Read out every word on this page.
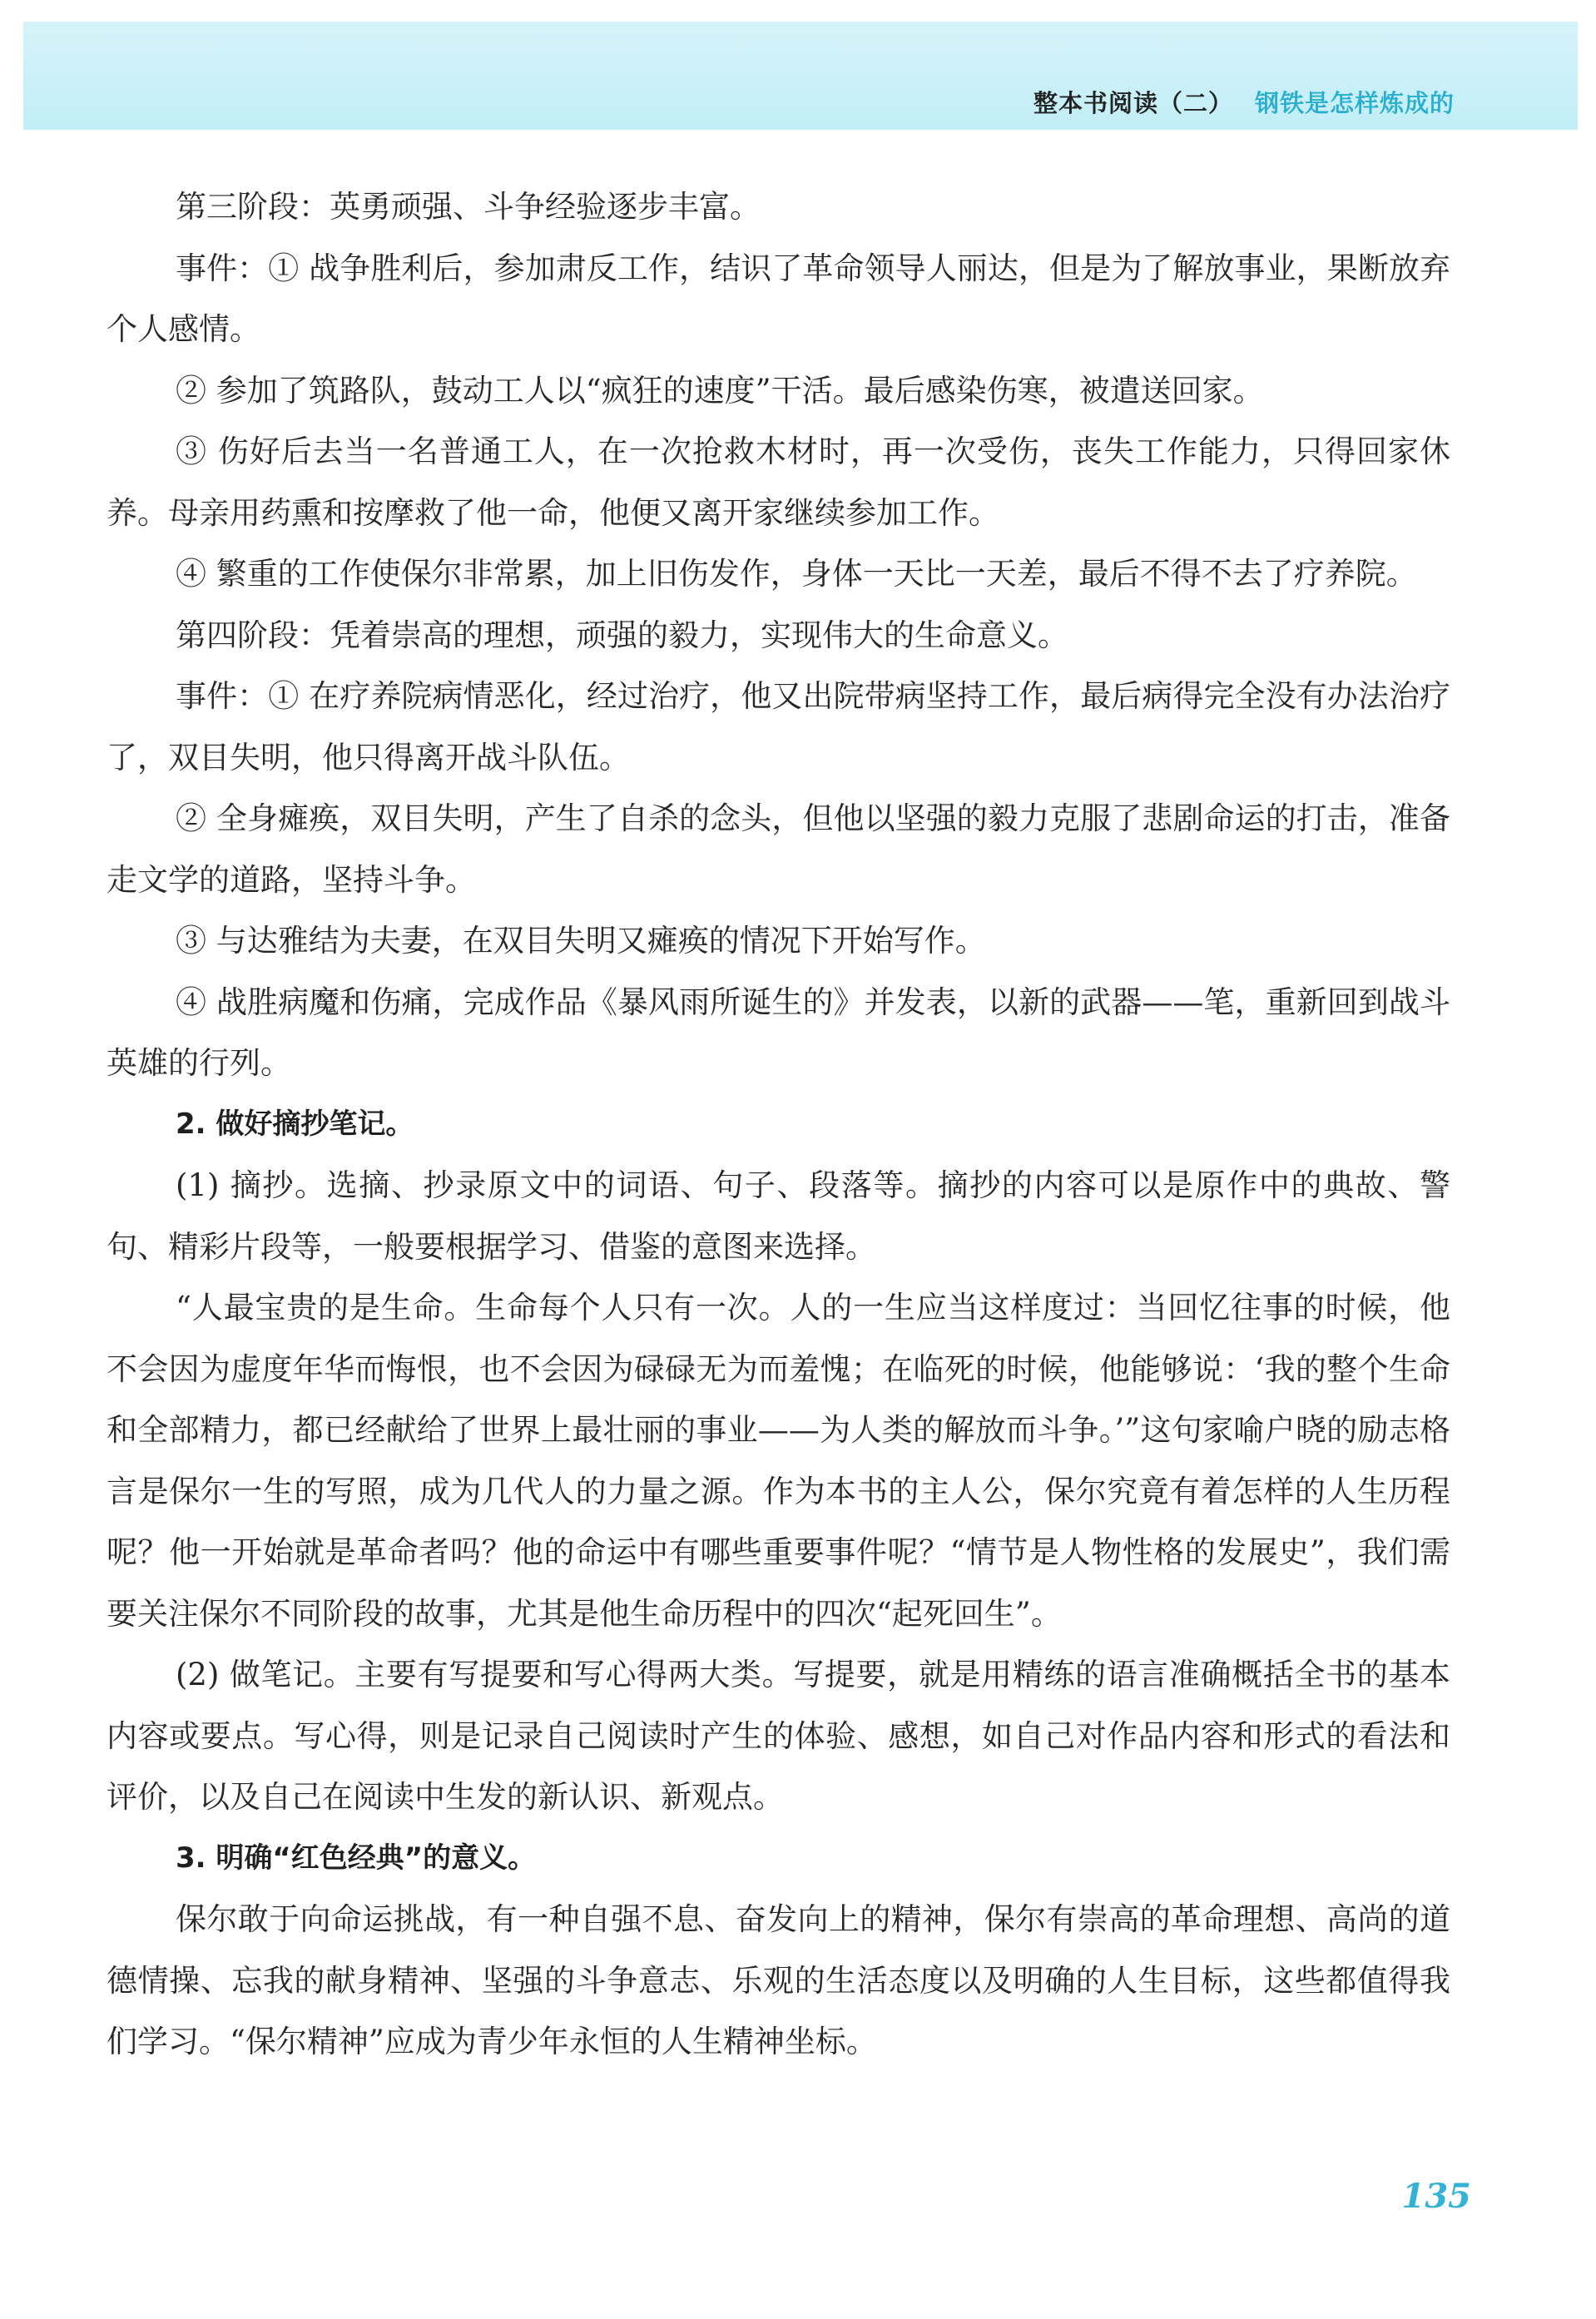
整本书阅读（二） 钢铁是怎样炼成的

第三阶段：英勇顽强、斗争经验逐步丰富。

事件：① 战争胜利后，参加肃反工作，结识了革命领导人丽达，但是为了解放事业，果断放弃个人感情。

② 参加了筑路队，鼓动工人以“疯狂的速度”干活。最后感染伤寒，被遣送回家。

③ 伤好后去当一名普通工人，在一次抢救木材时，再一次受伤，丧失工作能力，只得回家休养。母亲用药熏和按摩救了他一命，他便又离开家继续参加工作。

④ 繁重的工作使保尔非常累，加上旧伤发作，身体一天比一天差，最后不得不去了疗养院。

第四阶段：凭着崇高的理想，顽强的毅力，实现伟大的生命意义。

事件：① 在疗养院病情恶化，经过治疗，他又出院带病坚持工作，最后病得完全没有办法治疗了，双目失明，他只得离开战斗队伍。

② 全身瘫痪，双目失明，产生了自杀的念头，但他以坚强的毅力克服了悲剧命运的打击，准备走文学的道路，坚持斗争。

③ 与达雅结为夫妻，在双目失明又瘫痪的情况下开始写作。

④ 战胜病魔和伤痛，完成作品《暴风雨所诞生的》并发表，以新的武器——笔，重新回到战斗英雄的行列。

2. 做好摘抄笔记。

(1) 摘抄。选摘、抄录原文中的词语、句子、段落等。摘抄的内容可以是原作中的典故、警句、精彩片段等，一般要根据学习、借鉴的意图来选择。

“人最宝贵的是生命。生命每个人只有一次。人的一生应当这样度过：当回忆往事的时候，他不会因为虚度年华而悔恨，也不会因为碌碌无为而羞愧；在临死的时候，他能够说：‘我的整个生命和全部精力，都已经献给了世界上最壮丽的事业——为人类的解放而斗争。’”这句家喻户晓的励志格言是保尔一生的写照，成为几代人的力量之源。作为本书的主人公，保尔究竟有着怎样的人生历程呢？他一开始就是革命者吗？他的命运中有哪些重要事件呢？“情节是人物性格的发展史”，我们需要关注保尔不同阶段的故事，尤其是他生命历程中的四次“起死回生”。

(2) 做笔记。主要有写提要和写心得两大类。写提要，就是用精练的语言准确概括全书的基本内容或要点。写心得，则是记录自己阅读时产生的体验、感想，如自己对作品内容和形式的看法和评价，以及自己在阅读中生发的新认识、新观点。

3. 明确“红色经典”的意义。

保尔敢于向命运挑战，有一种自强不息、奋发向上的精神，保尔有崇高的革命理想、高尚的道德情操、忘我的献身精神、坚强的斗争意志、乐观的生活态度以及明确的人生目标，这些都值得我们学习。“保尔精神”应成为青少年永恒的人生精神坐标。

135
